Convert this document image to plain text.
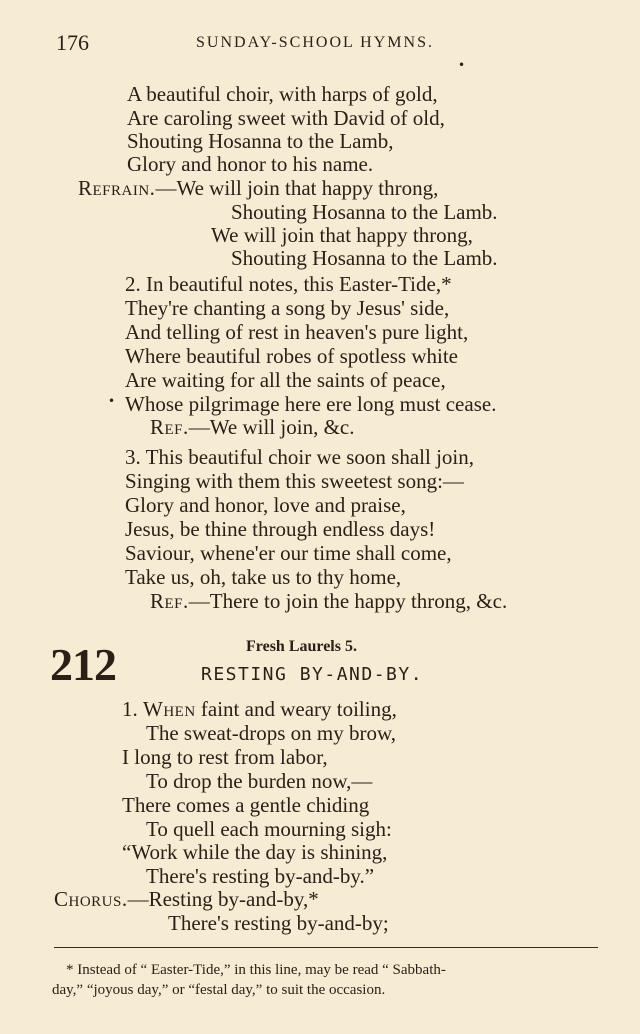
176	SUNDAY-SCHOOL HYMNS.
•
A beautiful choir, with harps of gold,
Are caroling sweet with David of old,
Shouting Hosanna to the Lamb,
Glory and honor to his name.
Refrain.—We will join that happy throng,
Shouting Hosanna to the Lamb.
We will join that happy throng,
Shouting Hosanna to the Lamb.
2. In beautiful notes, this Easter-Tide,*
They're chanting a song by Jesus' side,
And telling of rest in heaven's pure light,
Where beautiful robes of spotless white
Are waiting for all the saints of peace,
• Whose pilgrimage here ere long must cease.
Ref.—We will join, &c.
3. This beautiful choir we soon shall join,
Singing with them this sweetest song:—
Glory and honor, love and praise,
Jesus, be thine through endless days!
Saviour, whene'er our time shall come,
Take us, oh, take us to thy home,
Ref.—There to join the happy throng, &c.
212	Fresh Laurels 5.
RESTING BY-AND-BY.
1. When faint and weary toiling,
The sweat-drops on my brow,
I long to rest from labor,
To drop the burden now,—
There comes a gentle chiding
To quell each mourning sigh:
“Work while the day is shining,
There's resting by-and-by.”
Chorus.—Resting by-and-by,*
There's resting by-and-by;
* Instead of “ Easter-Tide,” in this line, may be read “ Sabbath-
day,” “joyous day,” or “festal day,” to suit the occasion.
